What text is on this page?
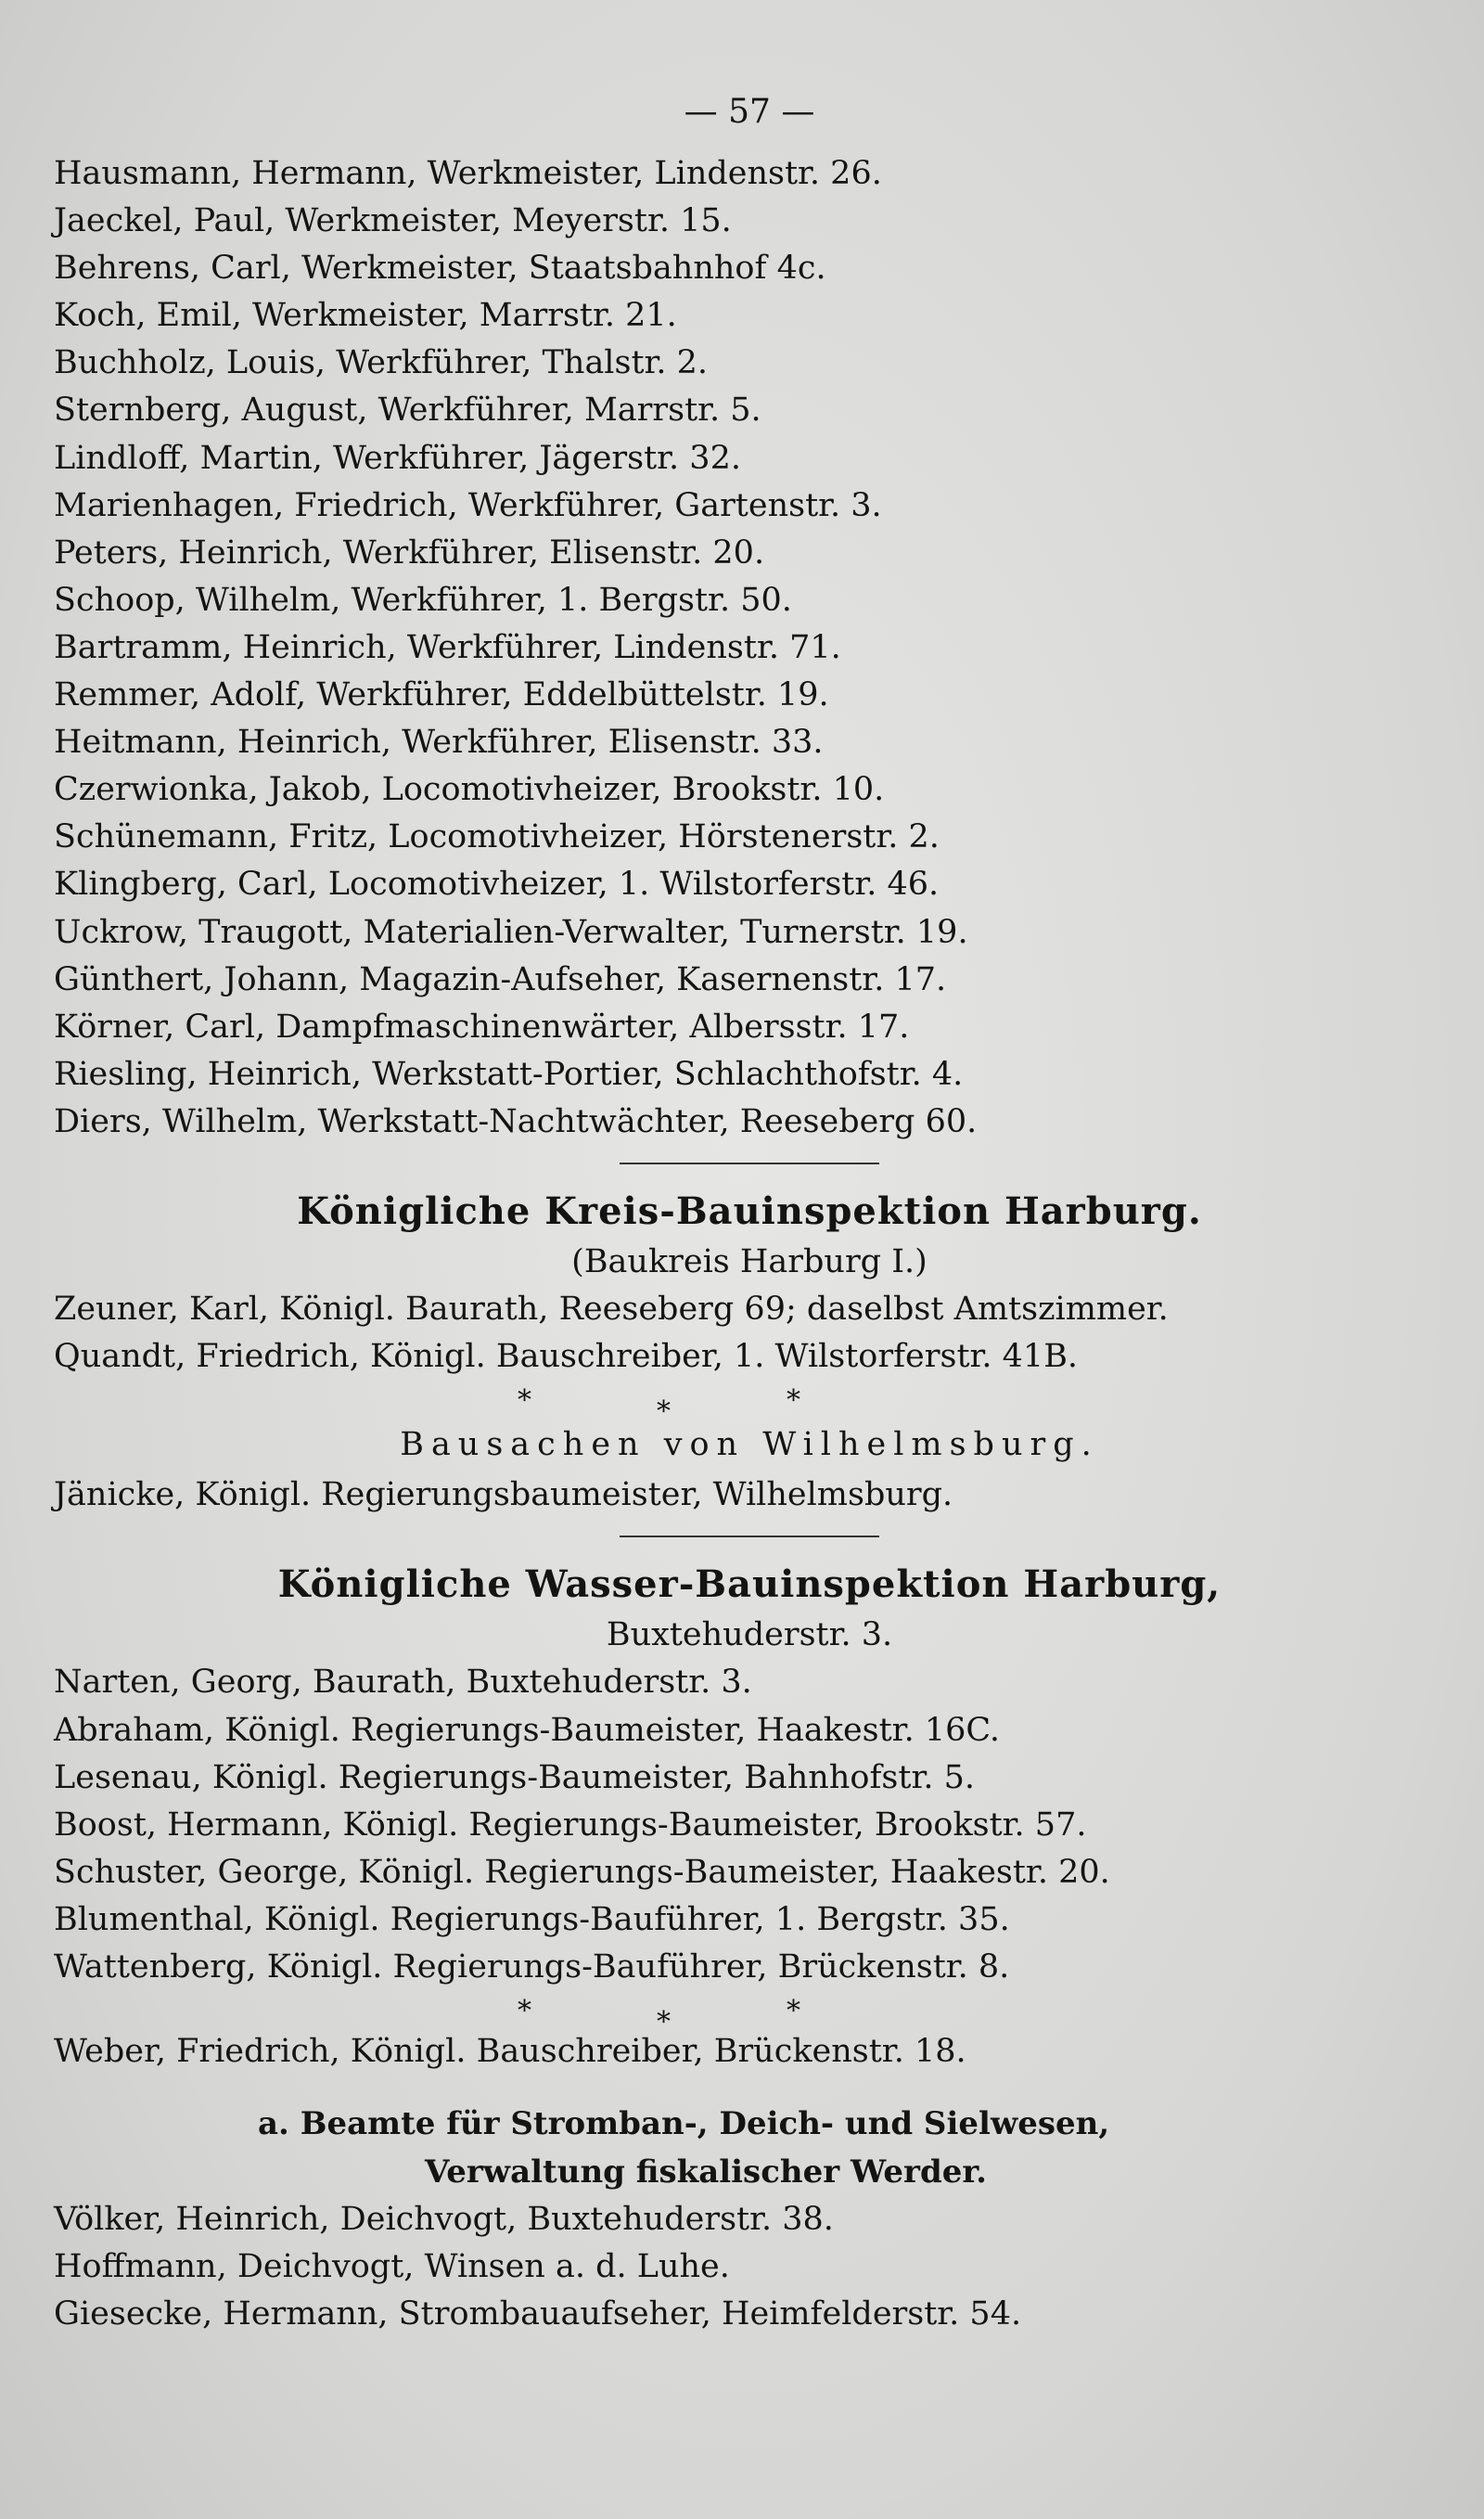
— 57 —
Hausmann, Hermann, Werkmeister, Lindenstr. 26.
Jaeckel, Paul, Werkmeister, Meyerstr. 15.
Behrens, Carl, Werkmeister, Staatsbahnhof 4c.
Koch, Emil, Werkmeister, Marrstr. 21.
Buchholz, Louis, Werkführer, Thalstr. 2.
Sternberg, August, Werkführer, Marrstr. 5.
Lindloff, Martin, Werkführer, Jägerstr. 32.
Marienhagen, Friedrich, Werkführer, Gartenstr. 3.
Peters, Heinrich, Werkführer, Elisenstr. 20.
Schoop, Wilhelm, Werkführer, 1. Bergstr. 50.
Bartramm, Heinrich, Werkführer, Lindenstr. 71.
Remmer, Adolf, Werkführer, Eddelbüttelstr. 19.
Heitmann, Heinrich, Werkführer, Elisenstr. 33.
Czerwionka, Jakob, Locomotivheizer, Brookstr. 10.
Schünemann, Fritz, Locomotivheizer, Hörstenerstr. 2.
Klingberg, Carl, Locomotivheizer, 1. Wilstorferstr. 46.
Uckrow, Traugott, Materialien-Verwalter, Turnerstr. 19.
Günthert, Johann, Magazin-Aufseher, Kasernenstr. 17.
Körner, Carl, Dampfmaschinenwärter, Albersstr. 17.
Riesling, Heinrich, Werkstatt-Portier, Schlachthofstr. 4.
Diers, Wilhelm, Werkstatt-Nachtwächter, Reeseberg 60.
Königliche Kreis-Bauinspektion Harburg.
(Baukreis Harburg I.)
Zeuner, Karl, Königl. Baurath, Reeseberg 69; daselbst Amtszimmer.
Quandt, Friedrich, Königl. Bauschreiber, 1. Wilstorferstr. 41B.
*	*	*
Bausachen von Wilhelmsburg.
Jänicke, Königl. Regierungsbaumeister, Wilhelmsburg.
Königliche Wasser-Bauinspektion Harburg,
Buxtehuderstr. 3.
Narten, Georg, Baurath, Buxtehuderstr. 3.
Abraham, Königl. Regierungs-Baumeister, Haakestr. 16C.
Lesenau, Königl. Regierungs-Baumeister, Bahnhofstr. 5.
Boost, Hermann, Königl. Regierungs-Baumeister, Brookstr. 57.
Schuster, George, Königl. Regierungs-Baumeister, Haakestr. 20.
Blumenthal, Königl. Regierungs-Bauführer, 1. Bergstr. 35.
Wattenberg, Königl. Regierungs-Bauführer, Brückenstr. 8.
*	*	*
Weber, Friedrich, Königl. Bauschreiber, Brückenstr. 18.
a. Beamte für Stromban-, Deich- und Sielwesen,
Verwaltung fiskalischer Werder.
Völker, Heinrich, Deichvogt, Buxtehuderstr. 38.
Hoffmann, Deichvogt, Winsen a. d. Luhe.
Giesecke, Hermann, Strombauaufseher, Heimfelderstr. 54.
